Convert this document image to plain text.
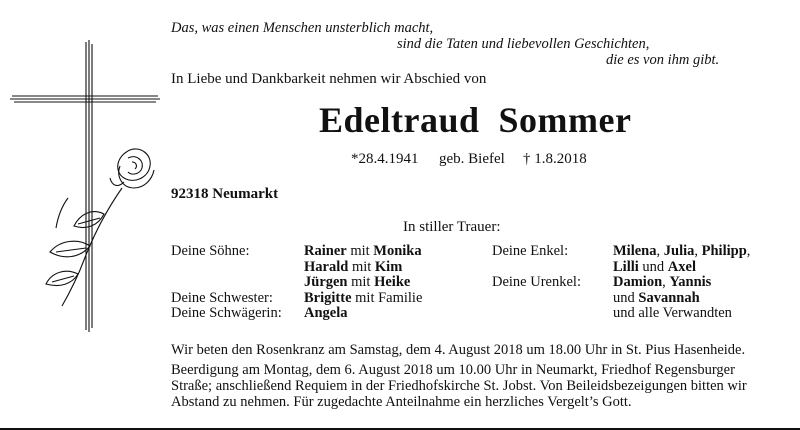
Das, was einen Menschen unsterblich macht,
sind die Taten und liebevollen Geschichten,
die es von ihm gibt.
In Liebe und Dankbarkeit nehmen wir Abschied von
Edeltraud  Sommer
*28.4.1941 geb. Biefel † 1.8.2018
92318 Neumarkt
In stiller Trauer:
Deine Söhne:	Rainer mit Monika
Harald mit Kim
Jürgen mit Heike
Deine Schwester: Brigitte mit Familie
Deine Schwägerin: Angela
Deine Enkel:	Milena, Julia, Philipp,
Lilli und Axel
Deine Urenkel: Damion, Yannis
und Savannah
und alle Verwandten
Wir beten den Rosenkranz am Samstag, dem 4. August 2018 um 18.00 Uhr in St. Pius Hasenheide.
Beerdigung am Montag, dem 6. August 2018 um 10.00 Uhr in Neumarkt, Friedhof Regensburger Straße; anschließend Requiem in der Friedhofskirche St. Jobst. Von Beileidsbezeigungen bitten wir Abstand zu nehmen. Für zugedachte Anteilnahme ein herzliches Vergelt’s Gott.
